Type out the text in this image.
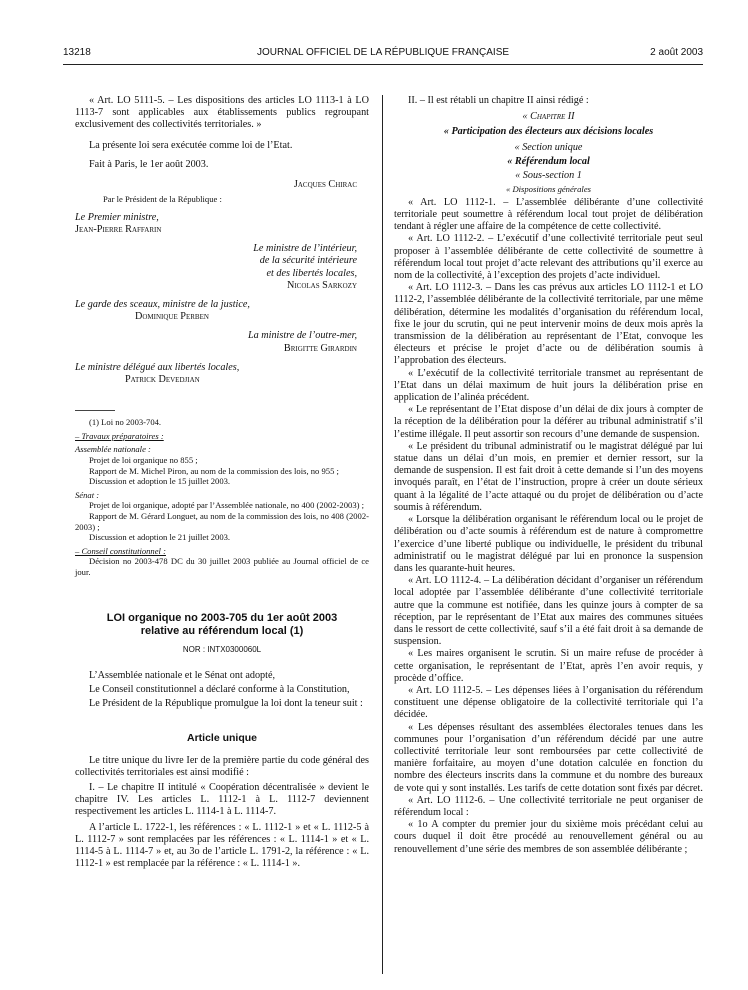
13218	JOURNAL OFFICIEL DE LA RÉPUBLIQUE FRANÇAISE	2 août 2003

« Art. LO 5111-5. – Les dispositions des articles LO 1113-1 à LO 1113-7 sont applicables aux établissements publics regroupant exclusivement des collectivités territoriales. »

La présente loi sera exécutée comme loi de l’Etat.

Fait à Paris, le 1er août 2003.

Jacques Chirac

Par le Président de la République :

Le Premier ministre,

Jean-Pierre Raffarin

Le ministre de l’intérieur,

de la sécurité intérieure

et des libertés locales,

Nicolas Sarkozy

Le garde des sceaux, ministre de la justice,

Dominique Perben

La ministre de l’outre-mer,

Brigitte Girardin

Le ministre délégué aux libertés locales,

Patrick Devedjian

(1) Loi no 2003-704.

– Travaux préparatoires :

Assemblée nationale :

Projet de loi organique no 855 ;

Rapport de M. Michel Piron, au nom de la commission des lois, no 955 ;

Discussion et adoption le 15 juillet 2003.

Sénat :

Projet de loi organique, adopté par l’Assemblée nationale, no 400 (2002-2003) ;

Rapport de M. Gérard Longuet, au nom de la commission des lois, no 408 (2002-2003) ;

Discussion et adoption le 21 juillet 2003.

– Conseil constitutionnel :

Décision no 2003-478 DC du 30 juillet 2003 publiée au Journal officiel de ce jour.

LOI organique no 2003-705 du 1er août 2003

relative au référendum local (1)

NOR : INTX0300060L

L’Assemblée nationale et le Sénat ont adopté,

Le Conseil constitutionnel a déclaré conforme à la Constitution,

Le Président de la République promulgue la loi dont la teneur suit :

Article unique

Le titre unique du livre Ier de la première partie du code général des collectivités territoriales est ainsi modifié :

I. – Le chapitre II intitulé « Coopération décentralisée » devient le chapitre IV. Les articles L. 1112-1 à L. 1112-7 deviennent respectivement les articles L. 1114-1 à L. 1114-7.

A l’article L. 1722-1, les références : « L. 1112-1 » et « L. 1112-5 à L. 1112-7 » sont remplacées par les références : « L. 1114-1 » et « L. 1114-5 à L. 1114-7 » et, au 3o de l’article L. 1791-2, la référence : « L. 1112-1 » est remplacée par la référence : « L. 1114-1 ».

II. – Il est rétabli un chapitre II ainsi rédigé :

« Chapitre II

« Participation des électeurs aux décisions locales

« Section unique

« Référendum local

« Sous-section 1

« Dispositions générales

« Art. LO 1112-1. – L’assemblée délibérante d’une collectivité territoriale peut soumettre à référendum local tout projet de délibération tendant à régler une affaire de la compétence de cette collectivité.

« Art. LO 1112-2. – L’exécutif d’une collectivité territoriale peut seul proposer à l’assemblée délibérante de cette collectivité de soumettre à référendum local tout projet d’acte relevant des attributions qu’il exerce au nom de la collectivité, à l’exception des projets d’acte individuel.

« Art. LO 1112-3. – Dans les cas prévus aux articles LO 1112-1 et LO 1112-2, l’assemblée délibérante de la collectivité territoriale, par une même délibération, détermine les modalités d’organisation du référendum local, fixe le jour du scrutin, qui ne peut intervenir moins de deux mois après la transmission de la délibération au représentant de l’Etat, convoque les électeurs et précise le projet d’acte ou de délibération soumis à l’approbation des électeurs.

« L’exécutif de la collectivité territoriale transmet au représentant de l’Etat dans un délai maximum de huit jours la délibération prise en application de l’alinéa précédent.

« Le représentant de l’Etat dispose d’un délai de dix jours à compter de la réception de la délibération pour la déférer au tribunal administratif s’il l’estime illégale. Il peut assortir son recours d’une demande de suspension.

« Le président du tribunal administratif ou le magistrat délégué par lui statue dans un délai d’un mois, en premier et dernier ressort, sur la demande de suspension. Il est fait droit à cette demande si l’un des moyens invoqués paraît, en l’état de l’instruction, propre à créer un doute sérieux quant à la légalité de l’acte attaqué ou du projet de délibération ou d’acte soumis à référendum.

« Lorsque la délibération organisant le référendum local ou le projet de délibération ou d’acte soumis à référendum est de nature à compromettre l’exercice d’une liberté publique ou individuelle, le président du tribunal administratif ou le magistrat délégué par lui en prononce la suspension dans les quarante-huit heures.

« Art. LO 1112-4. – La délibération décidant d’organiser un référendum local adoptée par l’assemblée délibérante d’une collectivité territoriale autre que la commune est notifiée, dans les quinze jours à compter de sa réception, par le représentant de l’Etat aux maires des communes situées dans le ressort de cette collectivité, sauf s’il a été fait droit à sa demande de suspension.

« Les maires organisent le scrutin. Si un maire refuse de procéder à cette organisation, le représentant de l’Etat, après l’en avoir requis, y procède d’office.

« Art. LO 1112-5. – Les dépenses liées à l’organisation du référendum constituent une dépense obligatoire de la collectivité territoriale qui l’a décidée.

« Les dépenses résultant des assemblées électorales tenues dans les communes pour l’organisation d’un référendum décidé par une autre collectivité territoriale leur sont remboursées par cette collectivité de manière forfaitaire, au moyen d’une dotation calculée en fonction du nombre des électeurs inscrits dans la commune et du nombre des bureaux de vote qui y sont installés. Les tarifs de cette dotation sont fixés par décret.

« Art. LO 1112-6. – Une collectivité territoriale ne peut organiser de référendum local :

« 1o A compter du premier jour du sixième mois précédant celui au cours duquel il doit être procédé au renouvellement général ou au renouvellement d’une série des membres de son assemblée délibérante ;
